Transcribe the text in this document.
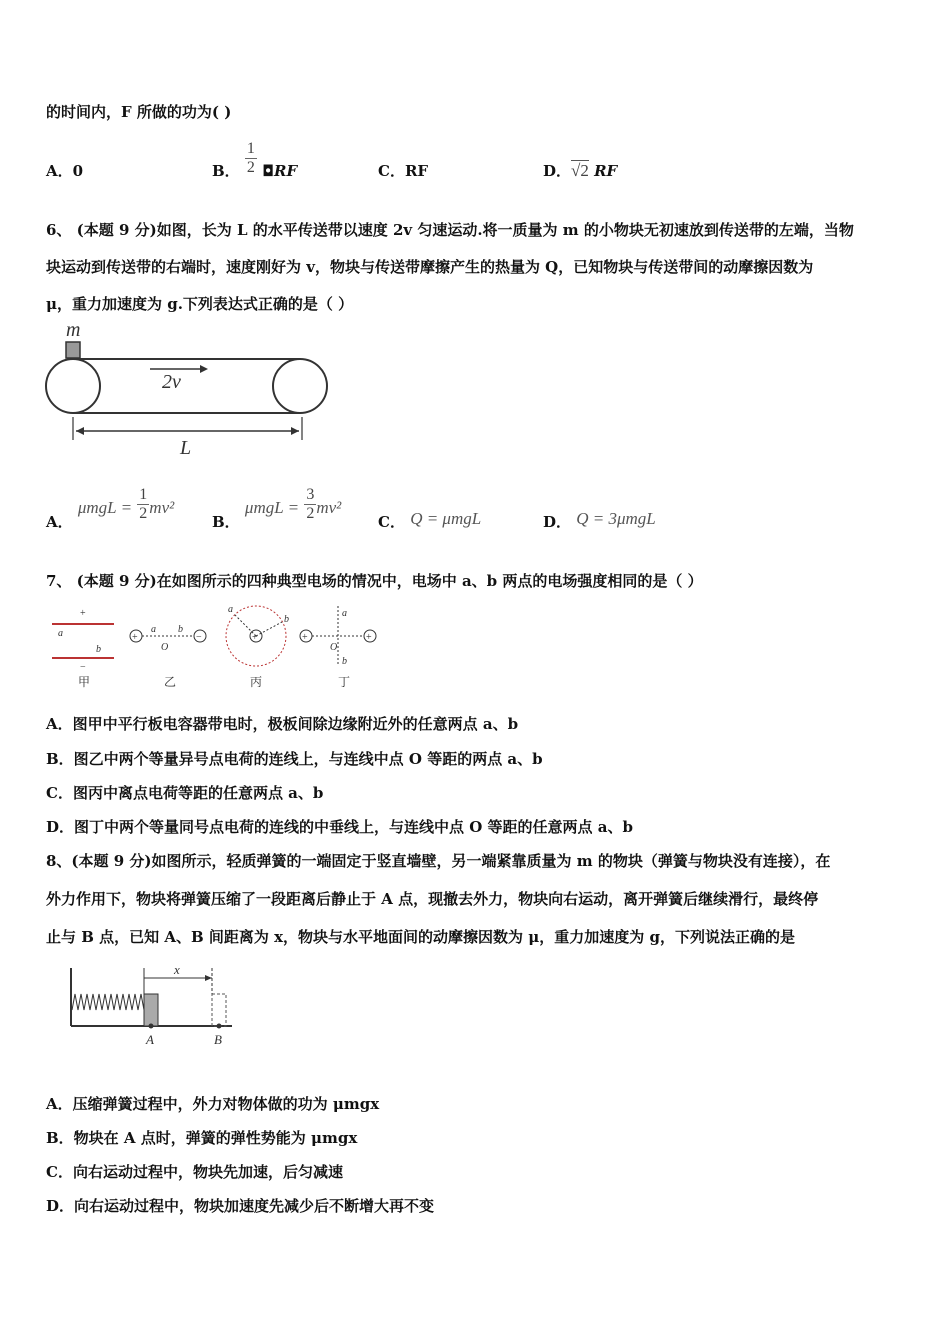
的时间内，F 所做的功为( )
A．0	B． $\frac{1}{2}$ ◘RF	C．RF	D．√2 RF
6、 (本题 9 分)如图，长为 L 的水平传送带以速度 2v 匀速运动.将一质量为 m 的小物块无初速放到传送带的左端，当物
块运动到传送带的右端时，速度刚好为 v，物块与传送带摩擦产生的热量为 Q，已知物块与传送带间的动摩擦因数为
μ，重力加速度为 g.下列表达式正确的是（ ）
m
2v
L
A． $\mu mgL = \frac{1}{2} mv^2$
B． $\mu mgL = \frac{3}{2} mv^2$
C． Q = μmgL	D． Q = 3μmgL
7、 (本题 9 分)在如图所示的四种典型电场的情况中，电场中 a、b 两点的电场强度相同的是（ ）
+
a
b
−
甲
+
a b
O
−
乙
+
a
b
丙
+
a
O
b
+
丁
A．图甲中平行板电容器带电时，极板间除边缘附近外的任意两点 a、b
B．图乙中两个等量异号点电荷的连线上，与连线中点 O 等距的两点 a、b
C．图丙中离点电荷等距的任意两点 a、b
D．图丁中两个等量同号点电荷的连线的中垂线上，与连线中点 O 等距的任意两点 a、b
8、(本题 9 分)如图所示，轻质弹簧的一端固定于竖直墙壁，另一端紧靠质量为 m 的物块（弹簧与物块没有连接），在
外力作用下，物块将弹簧压缩了一段距离后静止于 A 点，现撤去外力，物块向右运动，离开弹簧后继续滑行，最终停
止与 B 点，已知 A、B 间距离为 x，物块与水平地面间的动摩擦因数为 μ，重力加速度为 g，下列说法正确的是
x
A	B
A．压缩弹簧过程中，外力对物体做的功为 μmgx
B．物块在 A 点时，弹簧的弹性势能为 μmgx
C．向右运动过程中，物块先加速，后匀减速
D．向右运动过程中，物块加速度先减少后不断增大再不变
